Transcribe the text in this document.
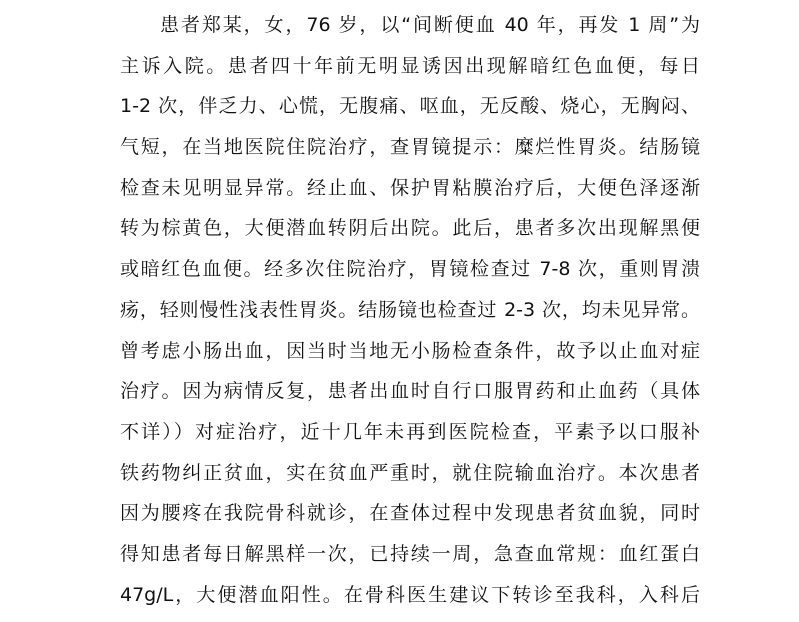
患者郑某，女，76 岁，以“间断便血 40 年，再发 1 周”为
主诉入院。患者四十年前无明显诱因出现解暗红色血便，每日
1-2 次，伴乏力、心慌，无腹痛、呕血，无反酸、烧心，无胸闷、
气短，在当地医院住院治疗，查胃镜提示：糜烂性胃炎。结肠镜
检查未见明显异常。经止血、保护胃粘膜治疗后，大便色泽逐渐
转为棕黄色，大便潜血转阴后出院。此后，患者多次出现解黑便
或暗红色血便。经多次住院治疗，胃镜检查过 7-8 次，重则胃溃
疡，轻则慢性浅表性胃炎。结肠镜也检查过 2-3 次，均未见异常。
曾考虑小肠出血，因当时当地无小肠检查条件，故予以止血对症
治疗。因为病情反复，患者出血时自行口服胃药和止血药（具体
不详））对症治疗，近十几年未再到医院检查，平素予以口服补
铁药物纠正贫血，实在贫血严重时，就住院输血治疗。本次患者
因为腰疼在我院骨科就诊，在查体过程中发现患者贫血貌，同时
得知患者每日解黑样一次，已持续一周，急查血常规：血红蛋白
47g/L，大便潜血阳性。在骨科医生建议下转诊至我科，入科后
